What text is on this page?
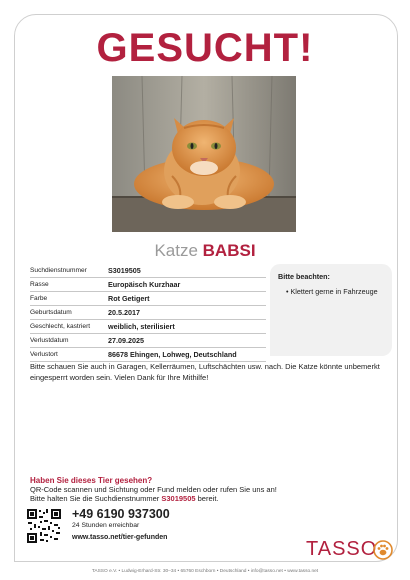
GESUCHT!
Katze BABSI
Suchdienstnummer	S3019505
Rasse	Europäisch Kurzhaar
Farbe	Rot Getigert
Geburtsdatum	20.5.2017
Geschlecht, kastriert	weiblich, sterilisiert
Verlustdatum	27.09.2025
Verlustort	86678 Ehingen, Lohweg, Deutschland
Bitte beachten:
• Klettert gerne in Fahrzeuge
Bitte schauen Sie auch in Garagen, Kellerräumen, Luftschächten usw. nach. Die Katze könnte unbemerkt eingesperrt worden sein. Vielen Dank für Ihre Mithilfe!
Haben Sie dieses Tier gesehen?
QR-Code scannen und Sichtung oder Fund melden oder rufen Sie uns an!
Bitte halten Sie die Suchdienstnummer S3019505 bereit.
+49 6190 937300
24 Stunden erreichbar
www.tasso.net/tier-gefunden
TASSO
TASSO e.V. • Ludwig-Erhard-Str. 30–34 • 65760 Eschborn • Deutschland • info@tasso.net • www.tasso.net
